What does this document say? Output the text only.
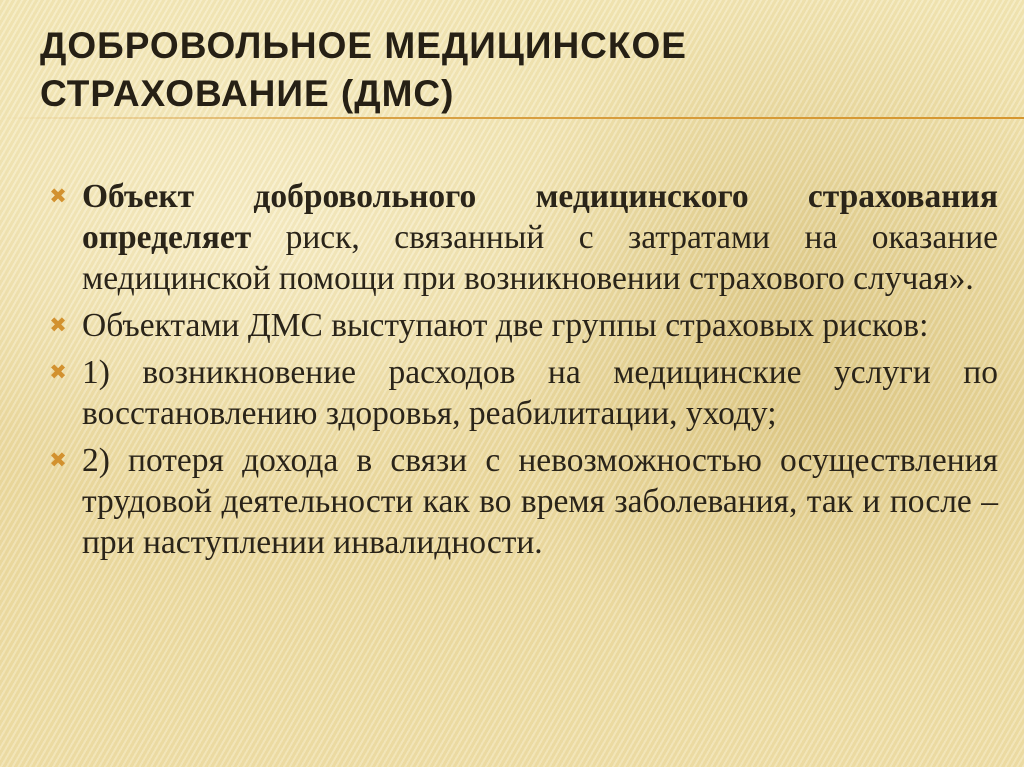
ДОБРОВОЛЬНОЕ МЕДИЦИНСКОЕ
СТРАХОВАНИЕ (ДМС)
✖ Объект добровольного медицинского страхования определяет риск, связанный с затратами на оказание медицинской помощи при возникновении страхового случая».
✖ Объектами ДМС выступают две группы страховых рисков:
✖ 1) возникновение расходов на медицинские услуги по восстановлению здоровья, реабилитации, уходу;
✖ 2) потеря дохода в связи с невозможностью осуществления трудовой деятельности как во время заболевания, так и после – при наступлении инвалидности.
